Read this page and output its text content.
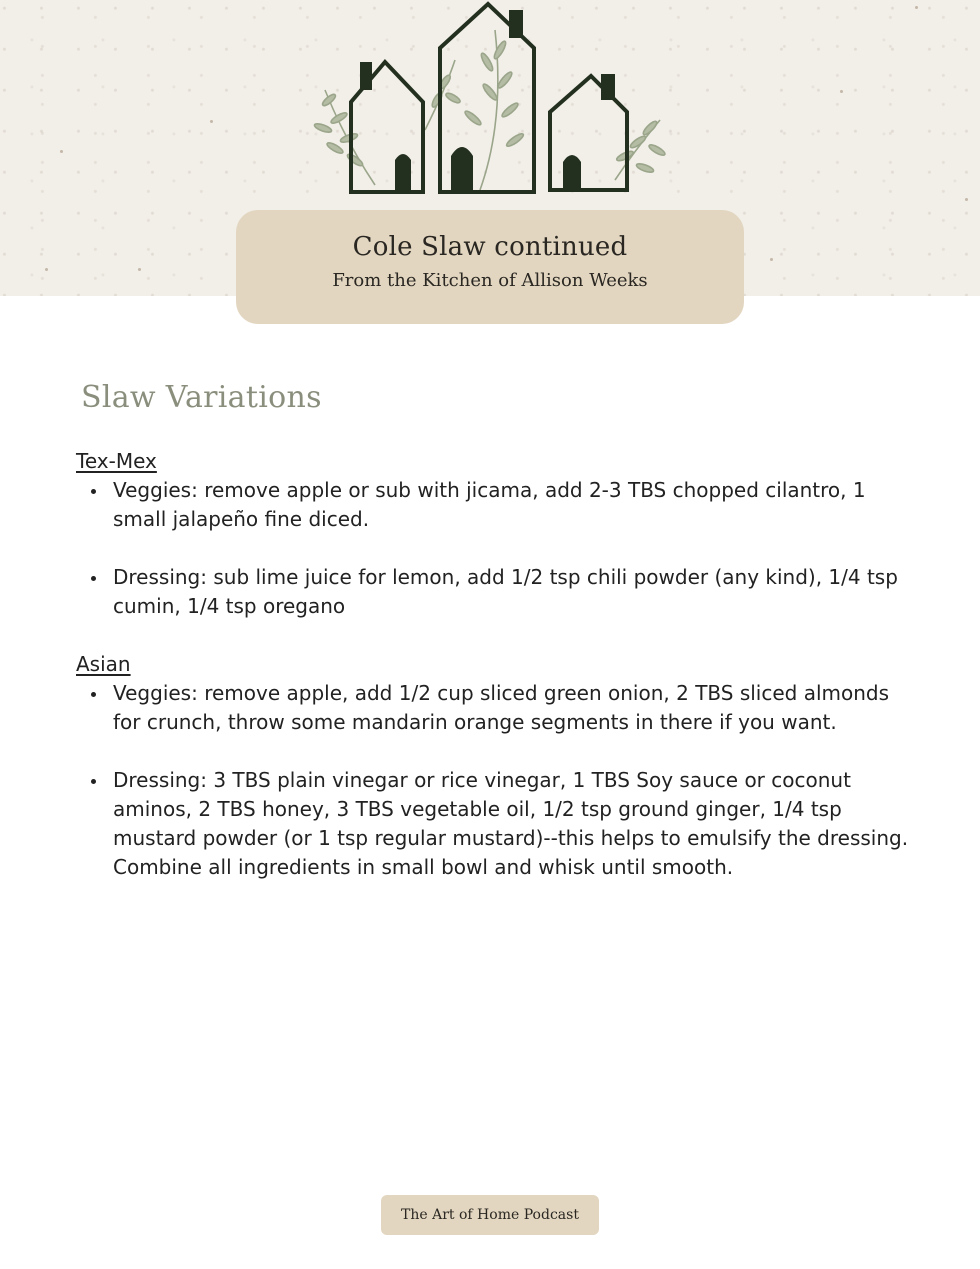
Cole Slaw continued
From the Kitchen of Allison Weeks
Slaw Variations

Tex-Mex

Veggies: remove apple or sub with jicama, add 2-3 TBS chopped cilantro, 1 small jalapeño fine diced.
Dressing: sub lime juice for lemon, add 1/2 tsp chili powder (any kind), 1/4 tsp cumin, 1/4 tsp oregano

Asian

Veggies: remove apple, add 1/2 cup sliced green onion, 2 TBS sliced almonds for crunch, throw some mandarin orange segments in there if you want.
Dressing: 3 TBS plain vinegar or rice vinegar, 1 TBS Soy sauce or coconut aminos, 2 TBS honey, 3 TBS vegetable oil, 1/2 tsp ground ginger, 1/4 tsp mustard powder (or 1 tsp regular mustard)--this helps to emulsify the dressing. Combine all ingredients in small bowl and whisk until smooth.
The Art of Home Podcast
